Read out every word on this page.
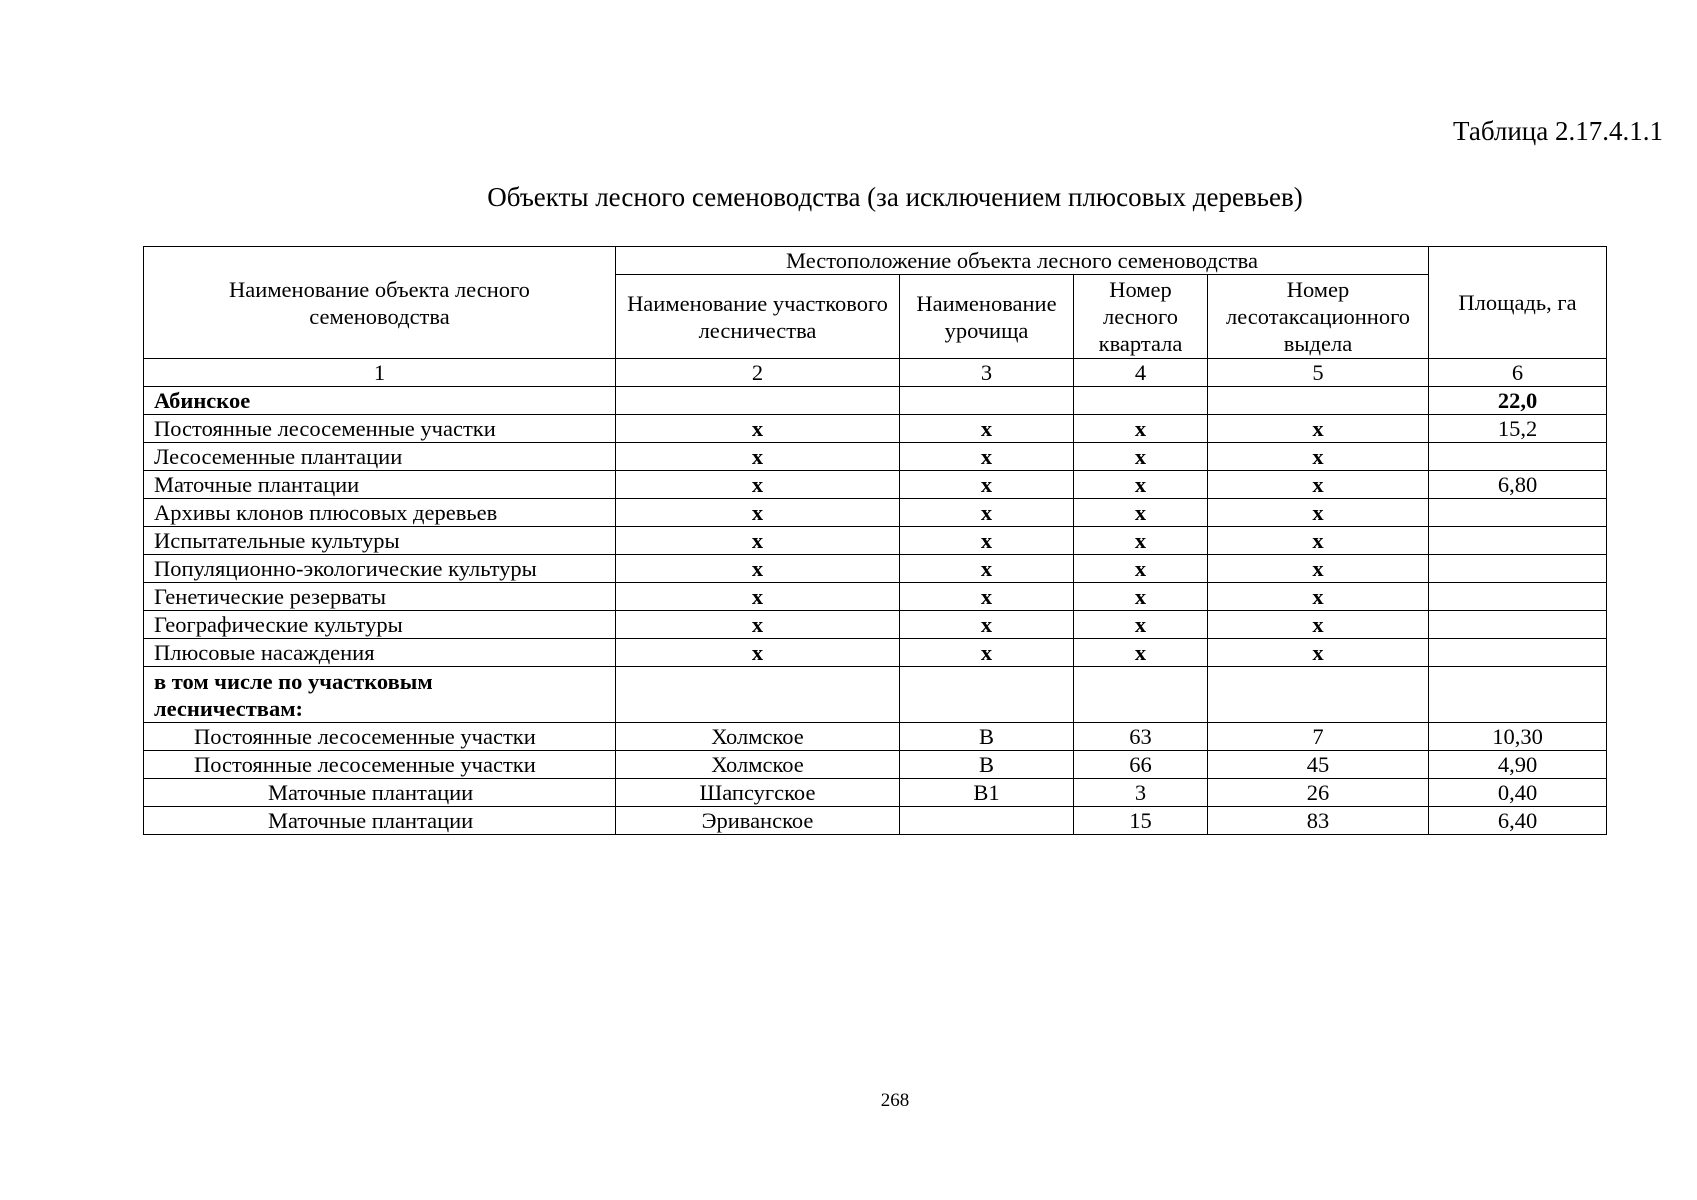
Таблица 2.17.4.1.1
Объекты лесного семеноводства (за исключением плюсовых деревьев)
Наименование объекта лесного семеноводства	Местоположение объекта лесного семеноводства				Площадь, га
	Наименование участкового лесничества	Наименование урочища	Номер лесного квартала	Номер лесотаксационного выдела	
1	2	3	4	5	6
Абинское					22,0
Постоянные лесосеменные участки	х	х	х	х	15,2
Лесосеменные плантации	х	х	х	х	
Маточные плантации	х	х	х	х	6,80
Архивы клонов плюсовых деревьев	х	х	х	х	
Испытательные культуры	х	х	х	х	
Популяционно-экологические культуры	х	х	х	х	
Генетические резерваты	х	х	х	х	
Географические культуры	х	х	х	х	
Плюсовые насаждения	х	х	х	х	
в том числе по участковым лесничествам:					
Постоянные лесосеменные участки	Холмское	В	63	7	10,30
Постоянные лесосеменные участки	Холмское	В	66	45	4,90
Маточные плантации	Шапсугское	В1	3	26	0,40
Маточные плантации	Эриванское		15	83	6,40
268
